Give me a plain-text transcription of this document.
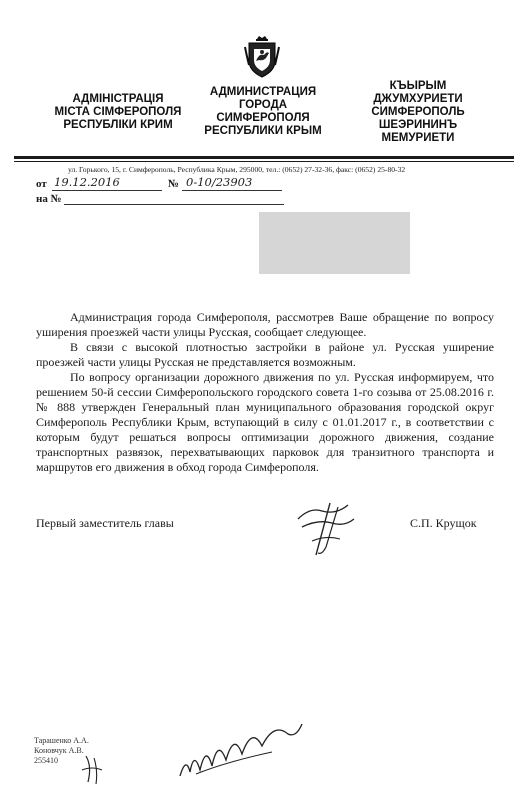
АДМІНІСТРАЦІЯ
МІСТА СІМФЕРОПОЛЯ
РЕСПУБЛІКИ КРИМ
АДМИНИСТРАЦИЯ
ГОРОДА
СИМФЕРОПОЛЯ
РЕСПУБЛИКИ КРЫМ
КЪЫРЫМ
ДЖУМХУРИЕТИ
СИМФЕРОПОЛЬ
ШЕЭРИНИНЪ
МЕМУРИЕТИ
ул. Горького, 15, г. Симферополь, Республика Крым, 295000, тел.: (0652) 27-32-36, факс: (0652) 25-80-32
от 19.12.2016	№ 0-10/23903
на №

Администрация города Симферополя, рассмотрев Ваше обращение по вопросу уширения проезжей части улицы Русская, сообщает следующее.

В связи с высокой плотностью застройки в районе ул. Русская уширение проезжей части улицы Русская не представляется возможным.

По вопросу организации дорожного движения по ул. Русская информируем, что решением 50-й сессии Симферопольского городского совета 1-го созыва от 25.08.2016 г. № 888 утвержден Генеральный план муниципального образования городской округ Симферополь Республики Крым, вступающий в силу с 01.01.2017 г., в соответствии с которым будут решаться вопросы оптимизации дорожного движения, создание транспортных развязок, перехватывающих парковок для транзитного транспорта и маршрутов его движения в обход города Симферополя.

Первый заместитель главы	С.П. Крущок
Тарашенко А.А.
Коновчук А.В.
255410
